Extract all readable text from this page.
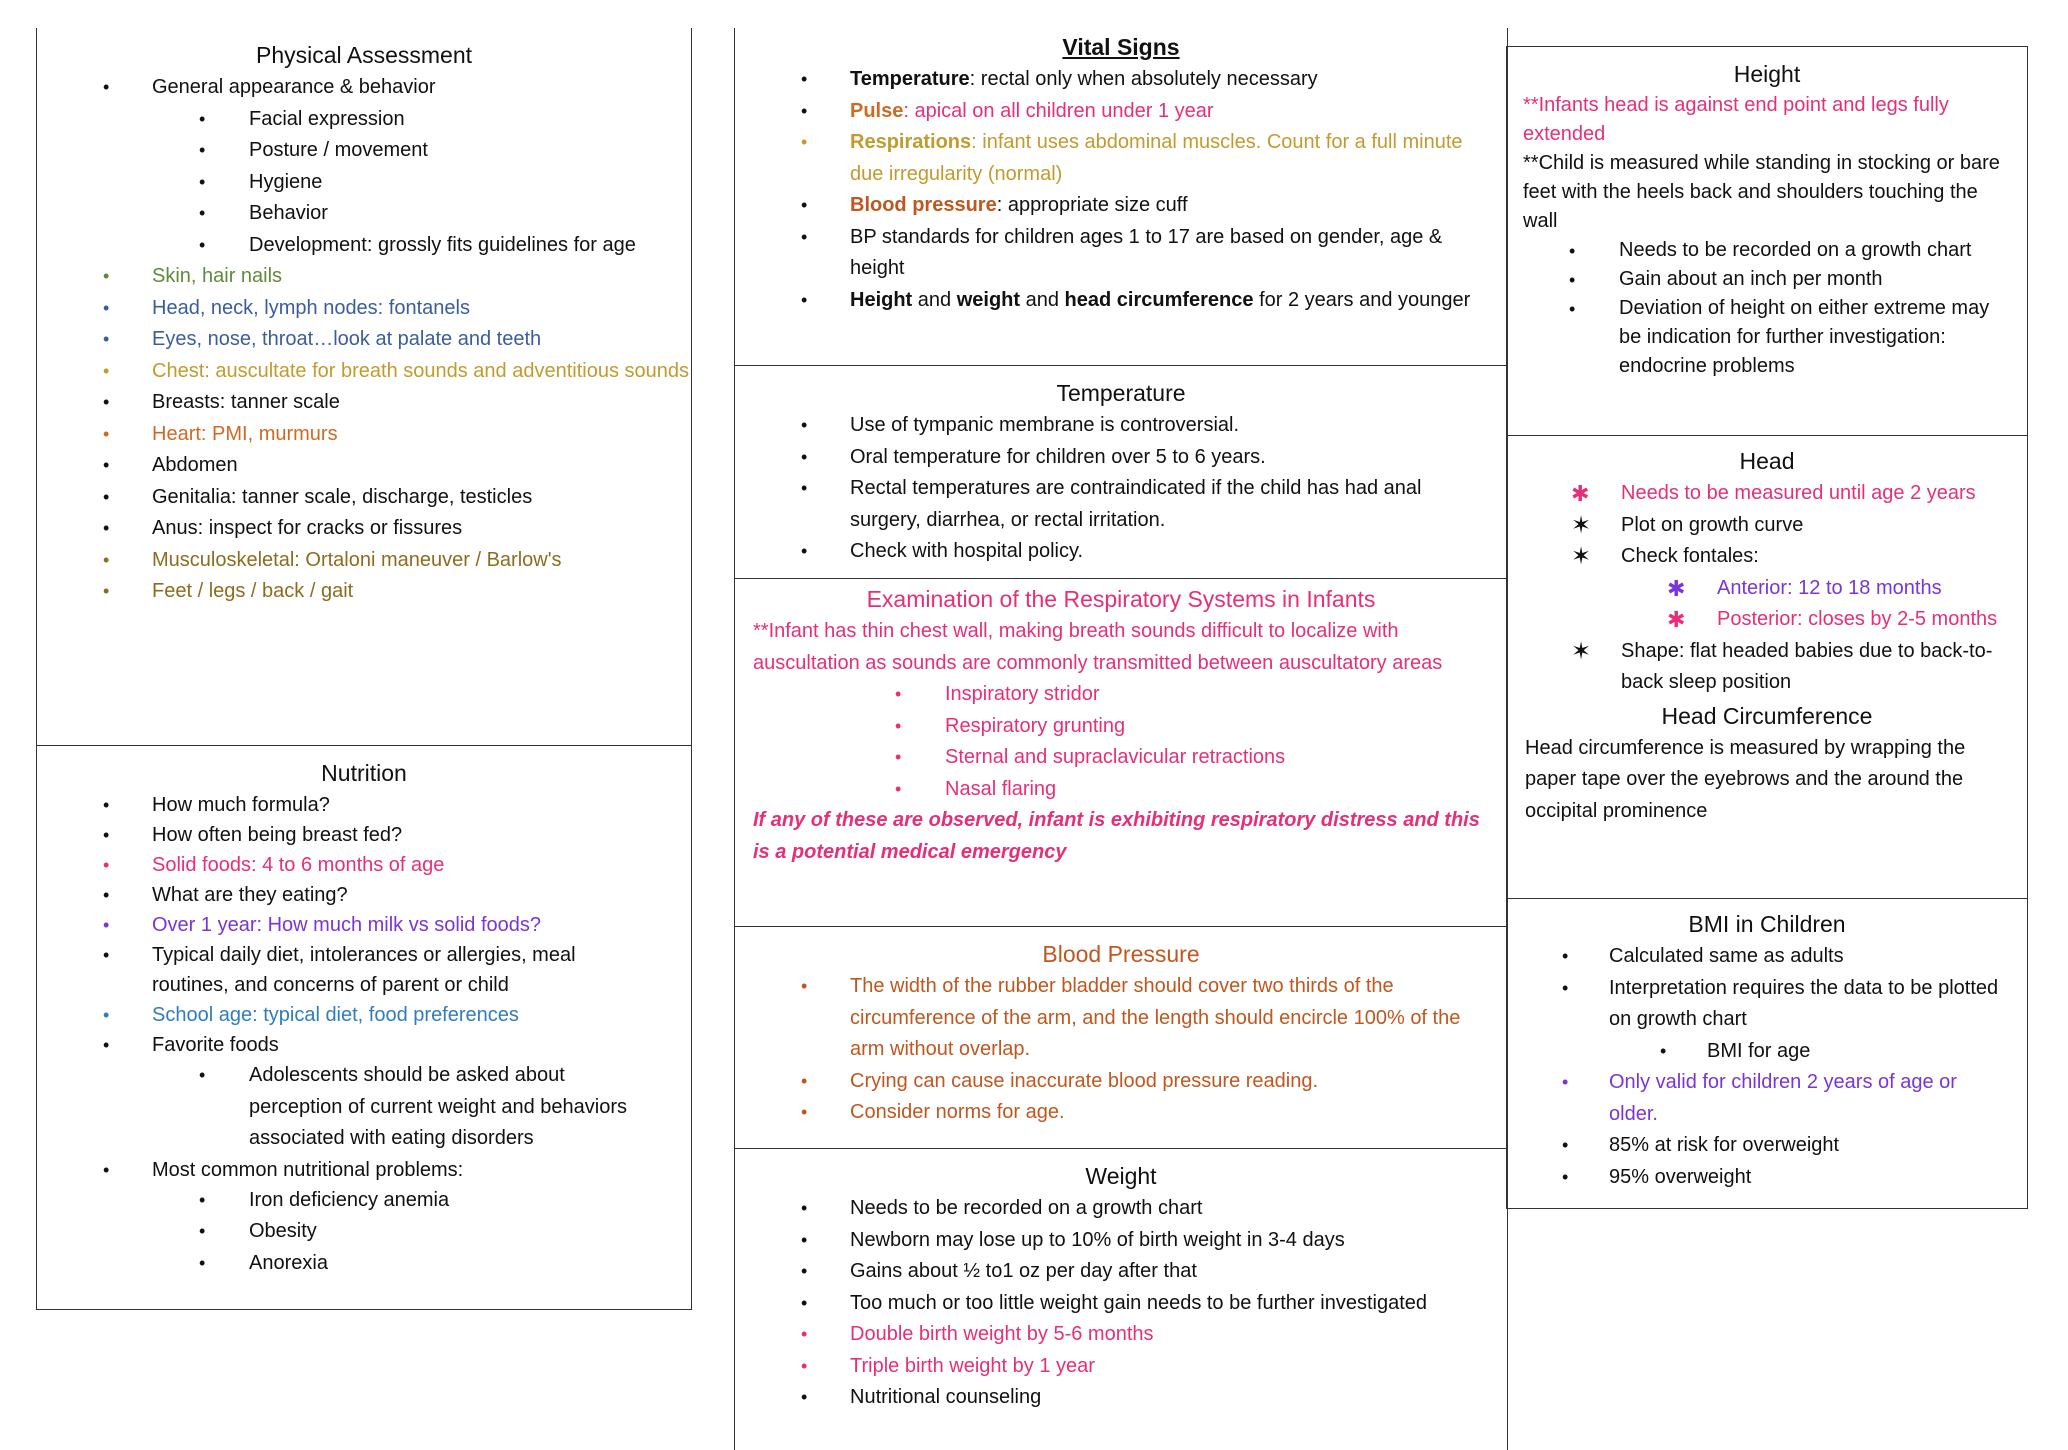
Physical Assessment
• General appearance & behavior
• Facial expression
• Posture / movement
• Hygiene
• Behavior
• Development: grossly fits guidelines for age
• Skin, hair nails
• Head, neck, lymph nodes: fontanels
• Eyes, nose, throat…look at palate and teeth
• Chest: auscultate for breath sounds and adventitious sounds
• Breasts: tanner scale
• Heart: PMI, murmurs
• Abdomen
• Genitalia: tanner scale, discharge, testicles
• Anus: inspect for cracks or fissures
• Musculoskeletal: Ortaloni maneuver / Barlow's
• Feet / legs / back / gait
Nutrition
• How much formula?
• How often being breast fed?
• Solid foods: 4 to 6 months of age
• What are they eating?
• Over 1 year: How much milk vs solid foods?
• Typical daily diet, intolerances or allergies, meal routines, and concerns of parent or child
• School age: typical diet, food preferences
• Favorite foods
• Adolescents should be asked about perception of current weight and behaviors associated with eating disorders
• Most common nutritional problems:
• Iron deficiency anemia
• Obesity
• Anorexia
Vital Signs
• Temperature: rectal only when absolutely necessary
• Pulse: apical on all children under 1 year
• Respirations: infant uses abdominal muscles. Count for a full minute due irregularity (normal)
• Blood pressure: appropriate size cuff
• BP standards for children ages 1 to 17 are based on gender, age & height
• Height and weight and head circumference for 2 years and younger
Temperature
• Use of tympanic membrane is controversial.
• Oral temperature for children over 5 to 6 years.
• Rectal temperatures are contraindicated if the child has had anal surgery, diarrhea, or rectal irritation.
• Check with hospital policy.
Examination of the Respiratory Systems in Infants

**Infant has thin chest wall, making breath sounds difficult to localize with auscultation as sounds are commonly transmitted between auscultatory areas

• Inspiratory stridor
• Respiratory grunting
• Sternal and supraclavicular retractions
• Nasal flaring

If any of these are observed, infant is exhibiting respiratory distress and this is a potential medical emergency

Blood Pressure
• The width of the rubber bladder should cover two thirds of the circumference of the arm, and the length should encircle 100% of the arm without overlap.
• Crying can cause inaccurate blood pressure reading.
• Consider norms for age.
Weight
• Needs to be recorded on a growth chart
• Newborn may lose up to 10% of birth weight in 3-4 days
• Gains about ½ to1 oz per day after that
• Too much or too little weight gain needs to be further investigated
• Double birth weight by 5-6 months
• Triple birth weight by 1 year
• Nutritional counseling
Height

**Infants head is against end point and legs fully extended

**Child is measured while standing in stocking or bare feet with the heels back and shoulders touching the wall

• Needs to be recorded on a growth chart
• Gain about an inch per month
• Deviation of height on either extreme may be indication for further investigation: endocrine problems
Head
✱ Needs to be measured until age 2 years
✶ Plot on growth curve
✶ Check fontales:
✱ Anterior: 12 to 18 months
✱ Posterior: closes by 2-5 months
✶ Shape: flat headed babies due to back-to-back sleep position
Head Circumference

Head circumference is measured by wrapping the paper tape over the eyebrows and the around the occipital prominence

BMI in Children
• Calculated same as adults
• Interpretation requires the data to be plotted on growth chart
• BMI for age
• Only valid for children 2 years of age or older.
• 85% at risk for overweight
• 95% overweight
